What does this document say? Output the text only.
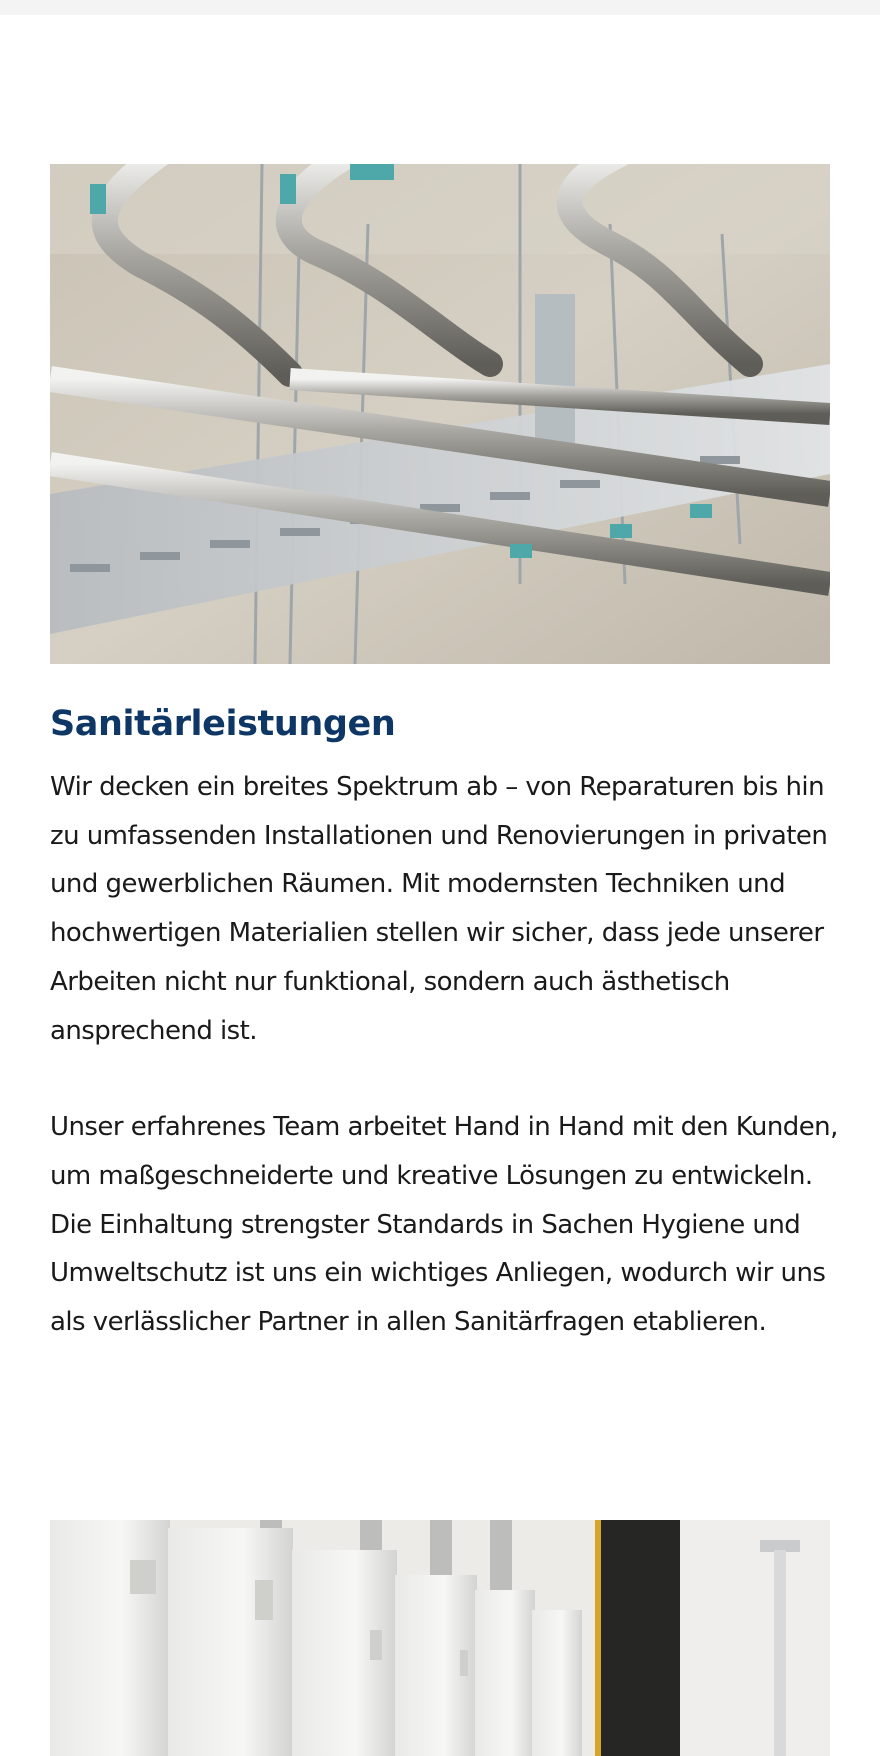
Sanitärleistungen

Wir decken ein breites Spektrum ab – von Reparaturen bis hin zu umfassenden Installationen und Renovierungen in privaten und gewerblichen Räumen. Mit modernsten Techniken und hochwertigen Materialien stellen wir sicher, dass jede unserer Arbeiten nicht nur funktional, sondern auch ästhetisch ansprechend ist.

Unser erfahrenes Team arbeitet Hand in Hand mit den Kunden, um maßgeschneiderte und kreative Lösungen zu entwickeln. Die Einhaltung strengster Standards in Sachen Hygiene und Umweltschutz ist uns ein wichtiges Anliegen, wodurch wir uns als verlässlicher Partner in allen Sanitärfragen etablieren.
